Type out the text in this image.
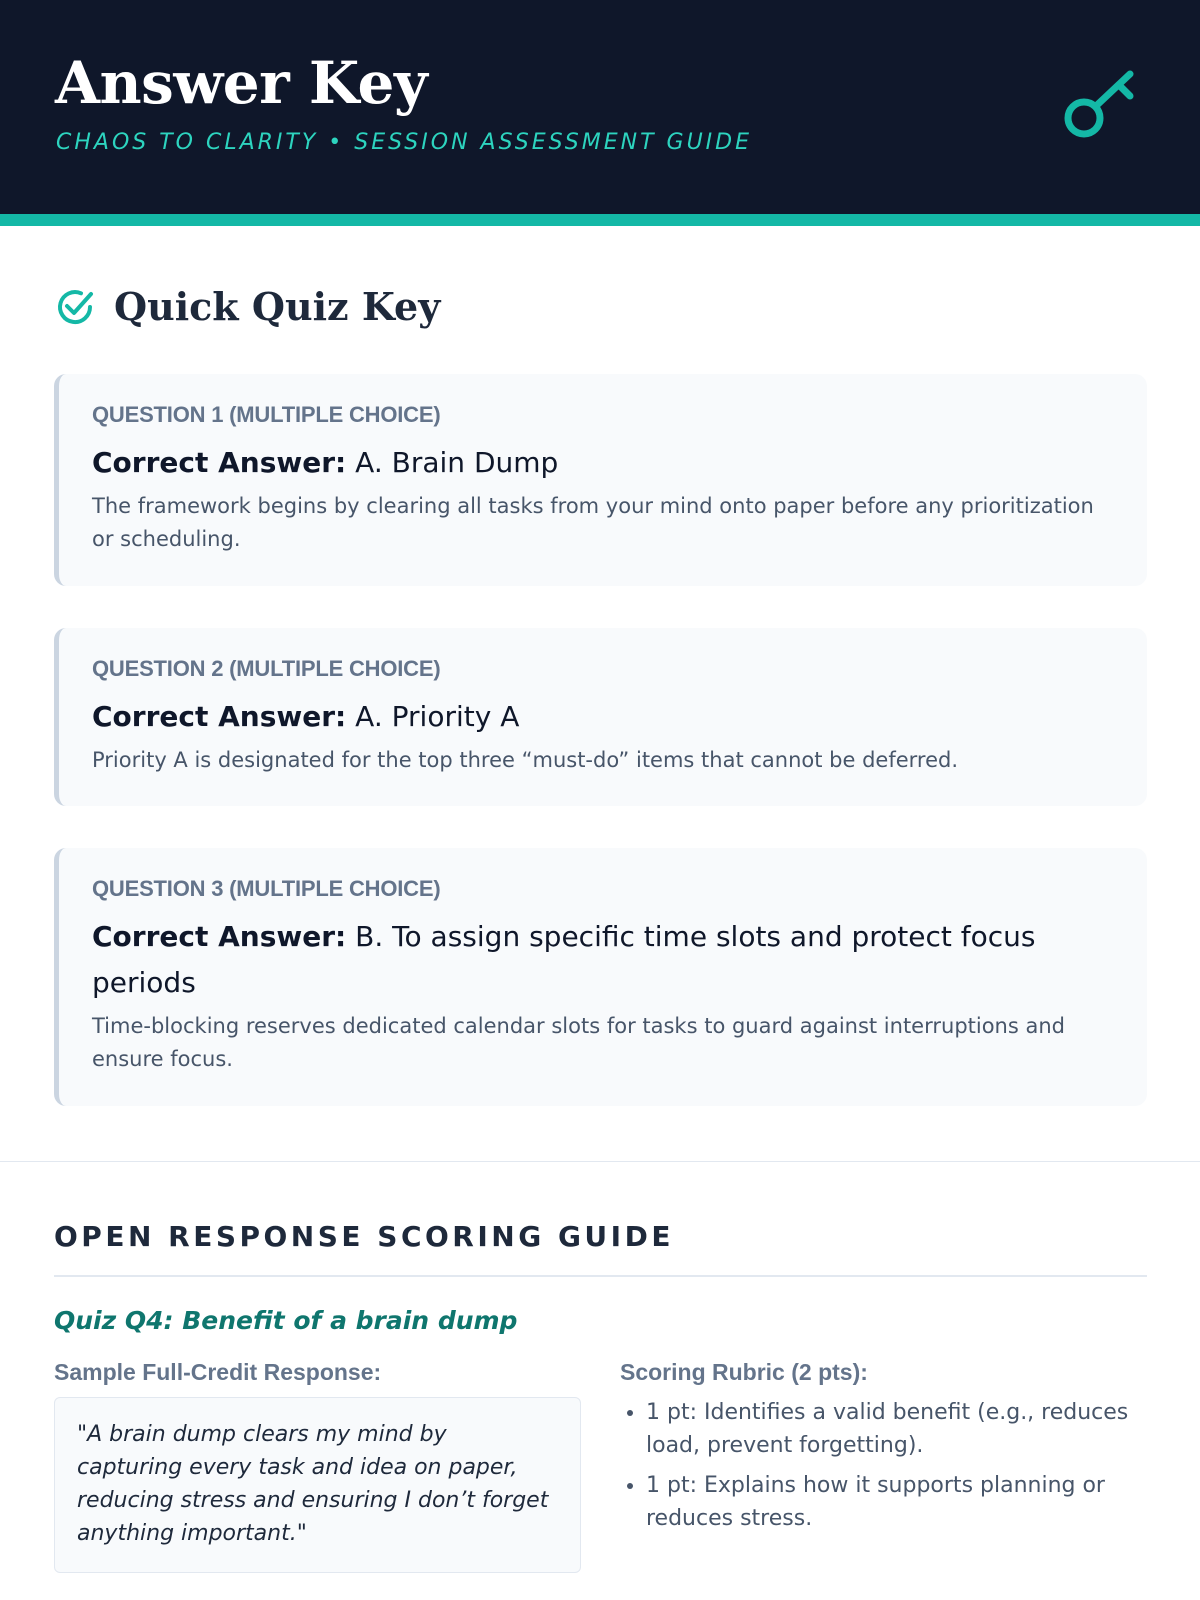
Answer Key
CHAOS TO CLARITY • SESSION ASSESSMENT GUIDE
Quick Quiz Key
QUESTION 1 (MULTIPLE CHOICE)
Correct Answer: A. Brain Dump
The framework begins by clearing all tasks from your mind onto paper before any prioritization or scheduling.
QUESTION 2 (MULTIPLE CHOICE)
Correct Answer: A. Priority A
Priority A is designated for the top three “must-do” items that cannot be deferred.
QUESTION 3 (MULTIPLE CHOICE)
Correct Answer: B. To assign specific time slots and protect focus periods
Time-blocking reserves dedicated calendar slots for tasks to guard against interruptions and ensure focus.
OPEN RESPONSE SCORING GUIDE
Quiz Q4: Benefit of a brain dump
Sample Full-Credit Response:
"A brain dump clears my mind by capturing every task and idea on paper, reducing stress and ensuring I don’t forget anything important."
Scoring Rubric (2 pts):
• 1 pt: Identifies a valid benefit (e.g., reduces load, prevent forgetting).
• 1 pt: Explains how it supports planning or reduces stress.
